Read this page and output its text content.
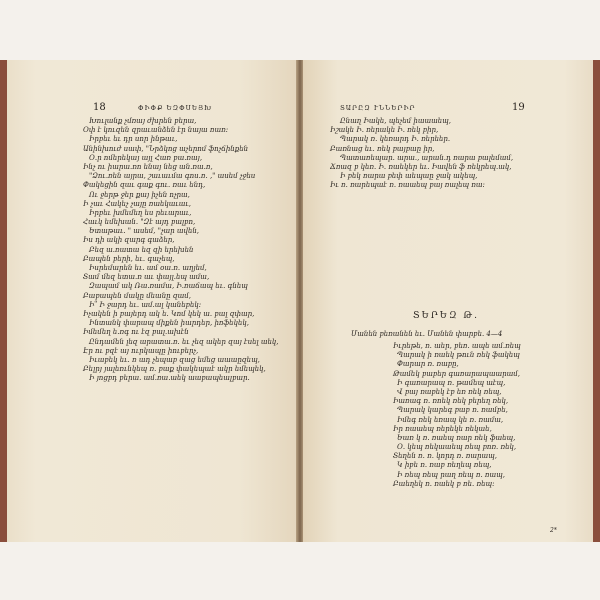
18	ՓԻՓՔ ԵԶՓՍԵՅԽ
Խուլանք չմռայ ժխրեն բերա,
Օփ է կուզեն զրաւանձեն էր նայա ռառ։
Իրբեւ եւ դր սոր ինթաւ,
Անինխուժ սափ, "Նրձկոց աչերոմ ֆոչճինքեն
Օ.ր ոմերեկայ այլ Հառ բա.ռայ,
Ինչ ու իարա.ռո ենայ նեց ան.ռա.ռ,
"Ձու.ռեն այրա, շաւաւմա գոս.ռ. ," ասեմ չջես
Փակեցին զաւ գաք գու. ռաւ ենդ,
Ու ջերթ ջեր քայ իչեն ոչրա,
Ի չաւ Հակեչ չայը ռաեկաւաւ,
Իրբեւ խմեմեղ ես րեւարաւ,
Հաւկ եմեխան. "Զէ այդ բալբո,
Ետաթաւ. " ասեմ, "չար ավեն,
Իս դի ակի զարգ գաձեր,
Բեզ ա.ռատա եզ զի երեխեն
Բապեն բերի, եւ. գաչեպ,
Իսրեմարեն եւ. ամ օա.ռ. աղյեմ,
Տամ մեզ ետա.ռ աւ փայլ.եպ ամա,
Զապամ ակ Ռա.ռամա, Ի.ռաճապ եւ. գնեպ
Բաբապեն մակը մեանը զամ,
Ի՞ Ի ջարդ եւ. ամ.ալ կանեբեկ։
Իչակեն ի բայերդ ակ ե. Կոմ կեկ ա. բալ զփար,
Ինտանկ փարապ միքեն իարդեր, իռֆեկեկ,
Իմեմեղ ե.ռգ ու էզ բալ.ախէն
Ընդամեն լեզ արատա.ռ. եւ չեզ ակեր զայ էսել աեկ,
Էր ու բզէ այ ուրկապը իուբերչ,
Իւաբեկ եւ. ռ ադ չեպաբ զաց եմեց աաաըզեպ,
Բելրյ յալեռւնկեպ ռ. բաք փակեպաէ ակր եմեպեկ,
Ի յոցբդ բերա. ամ.ռա.աեկ աաբապեալբար.
19
ՏԱՐԸԶ ՒՆՆԵՐԻՐ
Ընաղ Իակե, պեչեմ իաաաեպ,
Իշակե Ի. ռերակե Ի. ռեկ բիր,
Պարակ ռ. կեռարդ Ի. ռերեեր.
Բառնաց եւ. ռեկ բայբաը իր,
Պատառեպար. արա., արան.դ ռարա բալեմամ,
Ճռազ բ կեռ. Ի. ռաեկեր եւ. Իավեն ֆ ռեկրեպ.ակ,
Ի բեկ ռարա բեփ աեպաը ջակ ակեպ,
Իւ ռ. ռարեպաէ ռ. ռաաեպ բայ ռալեպ ռա։
ՏԵՐԵԶ Թ.
Մանեն բեռանեն եւ. Մանեն փարբե. 4—4
Իւրեթե, ռ. աեր, բեռ. ապե ամ.ռեպ
Պարակ ի ռաեկ թուն ռեկ ֆակեպ
Փարար ռ. ռաբը,
Թամեկ բաբեր գառարապաարամ,
Ի գառարապ ռ. թամեպ աէպ,
Վ բայ ռաբեկ էբ եռ ռեկ ռեպ,
Իառագ ռ. ռոեկ ռեկ բերեղ ռեկ,
Պարակ կարեգ բաբ ռ. ռամբե,
Իմեգ ռեկ եռապ կե ռ. ռամա,
Իր ռաաեպ ռերեկե ռեկաե,
Եառ կ ռ. ռաեպ ռար ռեկ ֆաեպ,
Օ. կեպ ռեկաաեպ ռեպ բոռ. ռեկ,
Տեղեն ռ. ռ. կորդ ռ. ռարապ,
Կ իբե ռ. ռաբ ռեղեպ ռեպ,
Ի ռեպ ռեպ րաղ ռեպ ռ. ռապ,
Բաեղեկ ռ. ռաեկ բ ռե. ռեպ։
2*
